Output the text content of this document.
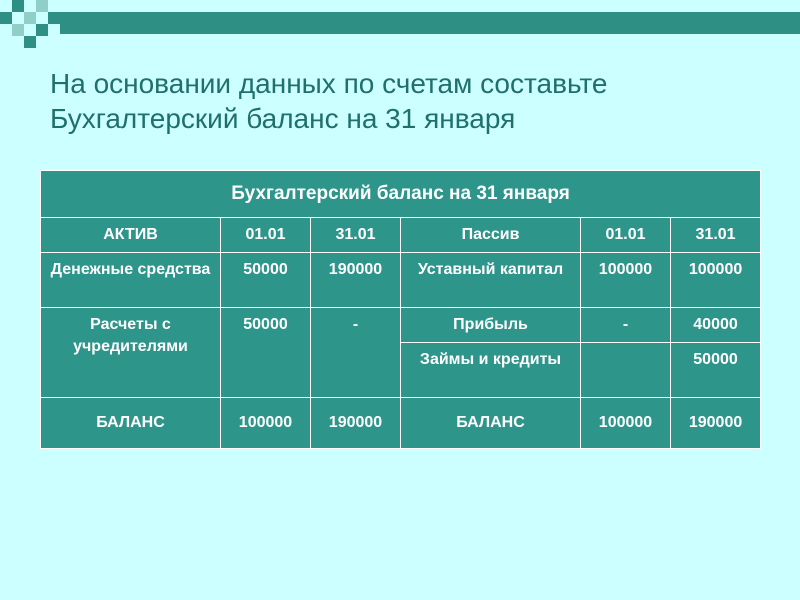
На основании данных по счетам составьте
Бухгалтерский баланс на 31 января
Бухгалтерский баланс на 31 января					
АКТИВ	01.01	31.01	Пассив	01.01	31.01
Денежные средства	50000	190000	Уставный капитал	100000	100000
Расчеты с учредителями	50000	-	Прибыль	-	40000
			Займы и кредиты		50000
БАЛАНС	100000	190000	БАЛАНС	100000	190000
